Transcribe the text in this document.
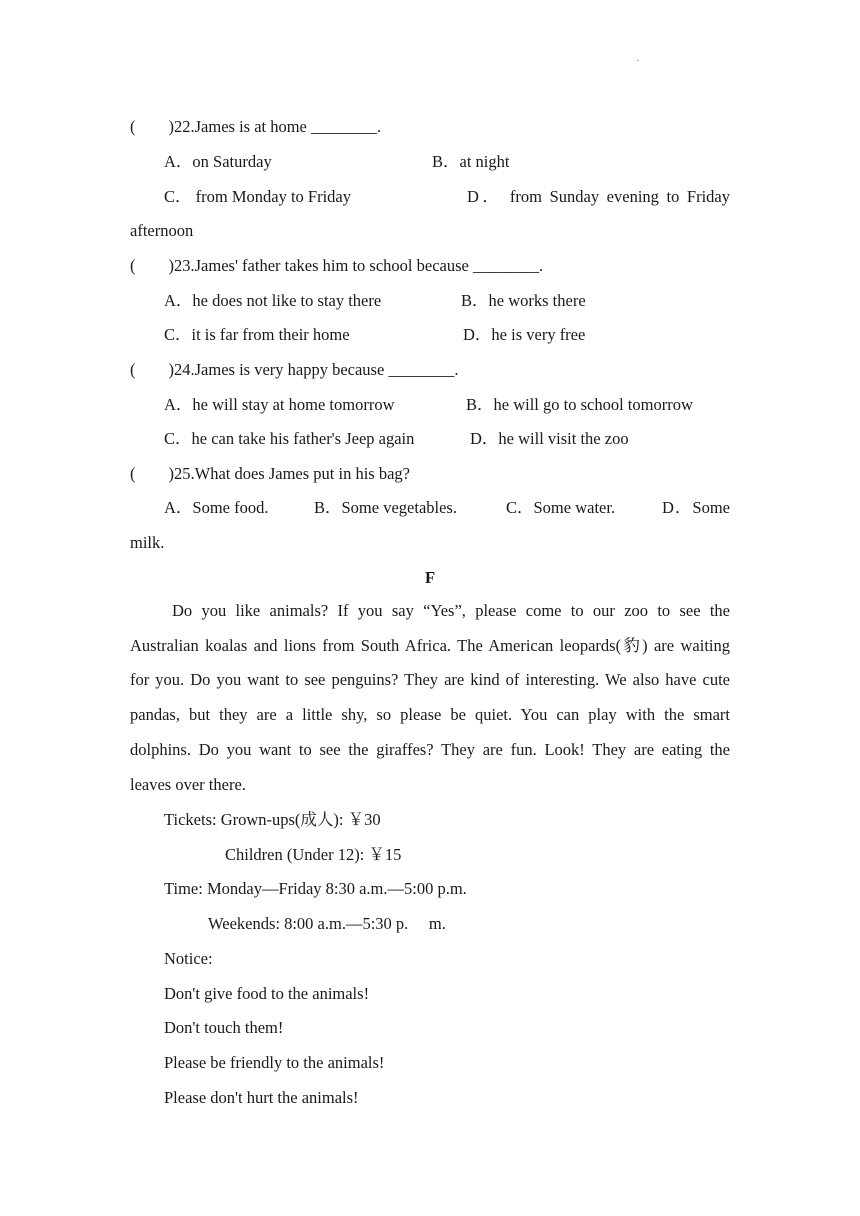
·
(　　)22.James is at home ________.
A．on Saturday	B．at night
C． from Monday to Friday	D． from Sunday evening to Friday
afternoon
(　　)23.James' father takes him to school because ________.
A．he does not like to stay there	B．he works there
C．it is far from their home	D．he is very free
(　　)24.James is very happy because ________.
A．he will stay at home tomorrow	B．he will go to school tomorrow
C．he can take his father's Jeep again	D．he will visit the zoo
(　　)25.What does James put in his bag?
A．Some food.	B．Some vegetables.	C．Some water.	D．Some
milk.
F
Do you like animals? If you say “Yes”, please come to our zoo to see the
Australian koalas and lions from South Africa. The American leopards(豹) are waiting
for you. Do you want to see penguins? They are kind of interesting. We also have cute
pandas, but they are a little shy, so please be quiet. You can play with the smart
dolphins. Do you want to see the giraffes? They are fun. Look! They are eating the
leaves over there.
Tickets: Grown-ups(成人): ￥30
Children (Under 12): ￥15
Time: Monday—Friday 8:30 a.m.—5:00 p.m.
Weekends: 8:00 a.m.—5:30 p.　 m.
Notice:
Don't give food to the animals!
Don't touch them!
Please be friendly to the animals!
Please don't hurt the animals!
